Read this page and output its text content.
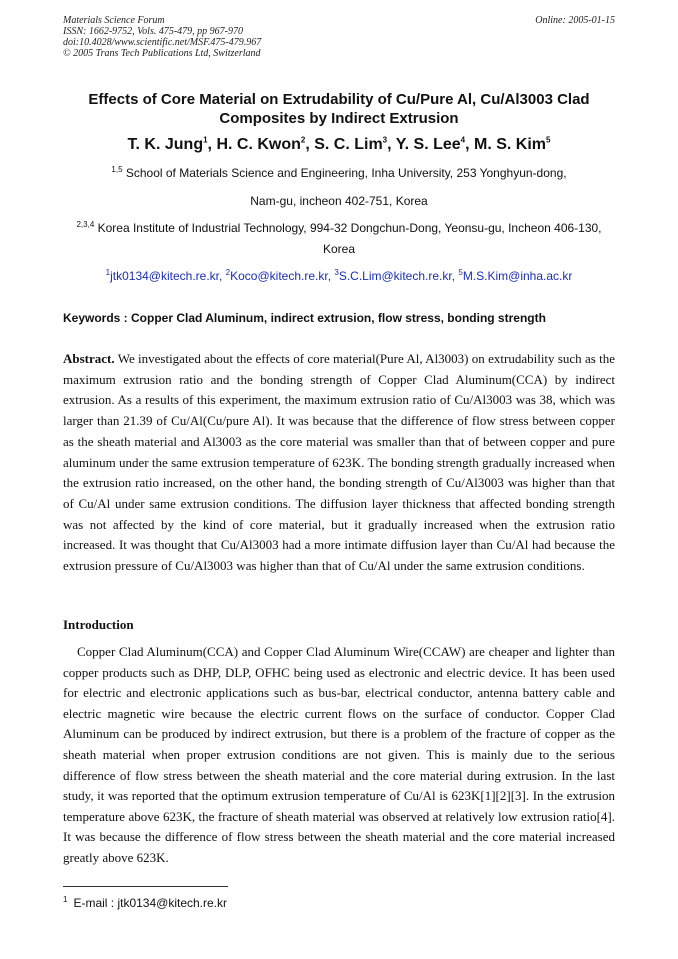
Materials Science Forum
ISSN: 1662-9752, Vols. 475-479, pp 967-970
doi:10.4028/www.scientific.net/MSF.475-479.967
© 2005 Trans Tech Publications Ltd, Switzerland
Online: 2005-01-15
Effects of Core Material on Extrudability of Cu/Pure Al, Cu/Al3003 Clad Composites by Indirect Extrusion
T. K. Jung$^1$, H. C. Kwon$^2$, S. C. Lim$^3$, Y. S. Lee$^4$, M. S. Kim$^5$
$^{1,5}$ School of Materials Science and Engineering, Inha University, 253 Yonghyun-dong,
Nam-gu, incheon 402-751, Korea
$^{2,3,4}$ Korea Institute of Industrial Technology, 994-32 Dongchun-Dong, Yeonsu-gu, Incheon 406-130,
Korea
$^1$jtk0134@kitech.re.kr, $^2$Koco@kitech.re.kr, $^3$S.C.Lim@kitech.re.kr, $^5$M.S.Kim@inha.ac.kr
Keywords : Copper Clad Aluminum, indirect extrusion, flow stress, bonding strength
Abstract. We investigated about the effects of core material(Pure Al, Al3003) on extrudability such as the maximum extrusion ratio and the bonding strength of Copper Clad Aluminum(CCA) by indirect extrusion. As a results of this experiment, the maximum extrusion ratio of Cu/Al3003 was 38, which was larger than 21.39 of Cu/Al(Cu/pure Al). It was because that the difference of flow stress between copper as the sheath material and Al3003 as the core material was smaller than that of between copper and pure aluminum under the same extrusion temperature of 623K. The bonding strength gradually increased when the extrusion ratio increased, on the other hand, the bonding strength of Cu/Al3003 was higher than that of Cu/Al under same extrusion conditions. The diffusion layer thickness that affected bonding strength was not affected by the kind of core material, but it gradually increased when the extrusion ratio increased. It was thought that Cu/Al3003 had a more intimate diffusion layer than Cu/Al had because the extrusion pressure of Cu/Al3003 was higher than that of Cu/Al under the same extrusion conditions.
Introduction
Copper Clad Aluminum(CCA) and Copper Clad Aluminum Wire(CCAW) are cheaper and lighter than copper products such as DHP, DLP, OFHC being used as electronic and electric device. It has been used for electric and electronic applications such as bus-bar, electrical conductor, antenna battery cable and electric magnetic wire because the electric current flows on the surface of conductor. Copper Clad Aluminum can be produced by indirect extrusion, but there is a problem of the fracture of copper as the sheath material when proper extrusion conditions are not given. This is mainly due to the serious difference of flow stress between the sheath material and the core material during extrusion. In the last study, it was reported that the optimum extrusion temperature of Cu/Al is 623K[1][2][3]. In the extrusion temperature above 623K, the fracture of sheath material was observed at relatively low extrusion ratio[4]. It was because the difference of flow stress between the sheath material and the core material increased greatly above 623K.
$^1$ E-mail : jtk0134@kitech.re.kr
